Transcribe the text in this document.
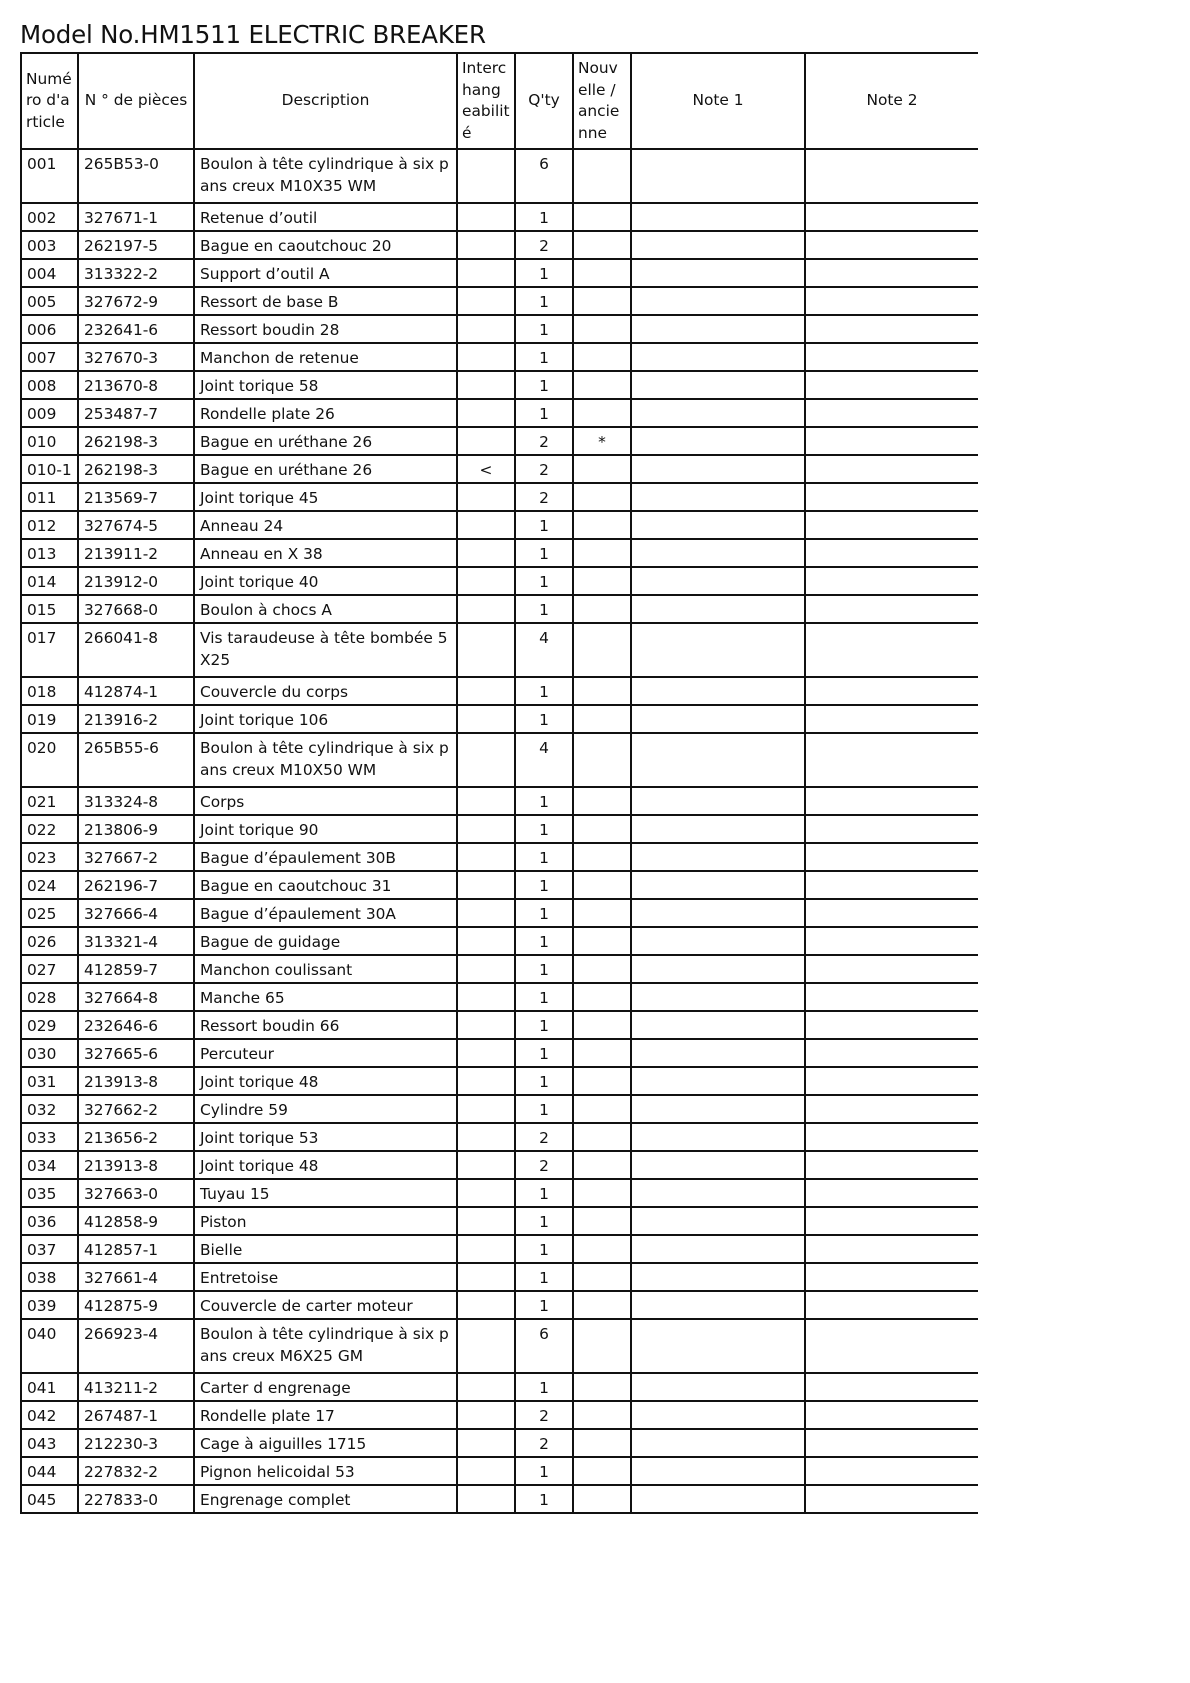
Model No.HM1511 ELECTRIC BREAKER
Numéro d'article	N ° de pièces	Description	Interchangeabilité	Q'ty	Nouvelle / ancienne	Note 1	Note 2
001	265B53-0	Boulon à tête cylindrique à six pans creux M10X35 WM		6			
002	327671-1	Retenue d’outil		1			
003	262197-5	Bague en caoutchouc 20		2			
004	313322-2	Support d’outil A		1			
005	327672-9	Ressort de base B		1			
006	232641-6	Ressort boudin 28		1			
007	327670-3	Manchon de retenue		1			
008	213670-8	Joint torique 58		1			
009	253487-7	Rondelle plate 26		1			
010	262198-3	Bague en uréthane 26		2	*		
010-1	262198-3	Bague en uréthane 26	<	2			
011	213569-7	Joint torique 45		2			
012	327674-5	Anneau 24		1			
013	213911-2	Anneau en X 38		1			
014	213912-0	Joint torique 40		1			
015	327668-0	Boulon à chocs A		1			
017	266041-8	Vis taraudeuse à tête bombée 5X25		4			
018	412874-1	Couvercle du corps		1			
019	213916-2	Joint torique 106		1			
020	265B55-6	Boulon à tête cylindrique à six pans creux M10X50 WM		4			
021	313324-8	Corps		1			
022	213806-9	Joint torique 90		1			
023	327667-2	Bague d’épaulement 30B		1			
024	262196-7	Bague en caoutchouc 31		1			
025	327666-4	Bague d’épaulement 30A		1			
026	313321-4	Bague de guidage		1			
027	412859-7	Manchon coulissant		1			
028	327664-8	Manche 65		1			
029	232646-6	Ressort boudin 66		1			
030	327665-6	Percuteur		1			
031	213913-8	Joint torique 48		1			
032	327662-2	Cylindre 59		1			
033	213656-2	Joint torique 53		2			
034	213913-8	Joint torique 48		2			
035	327663-0	Tuyau 15		1			
036	412858-9	Piston		1			
037	412857-1	Bielle		1			
038	327661-4	Entretoise		1			
039	412875-9	Couvercle de carter moteur		1			
040	266923-4	Boulon à tête cylindrique à six pans creux M6X25 GM		6			
041	413211-2	Carter d engrenage		1			
042	267487-1	Rondelle plate 17		2			
043	212230-3	Cage à aiguilles 1715		2			
044	227832-2	Pignon helicoidal 53		1			
045	227833-0	Engrenage complet		1			
